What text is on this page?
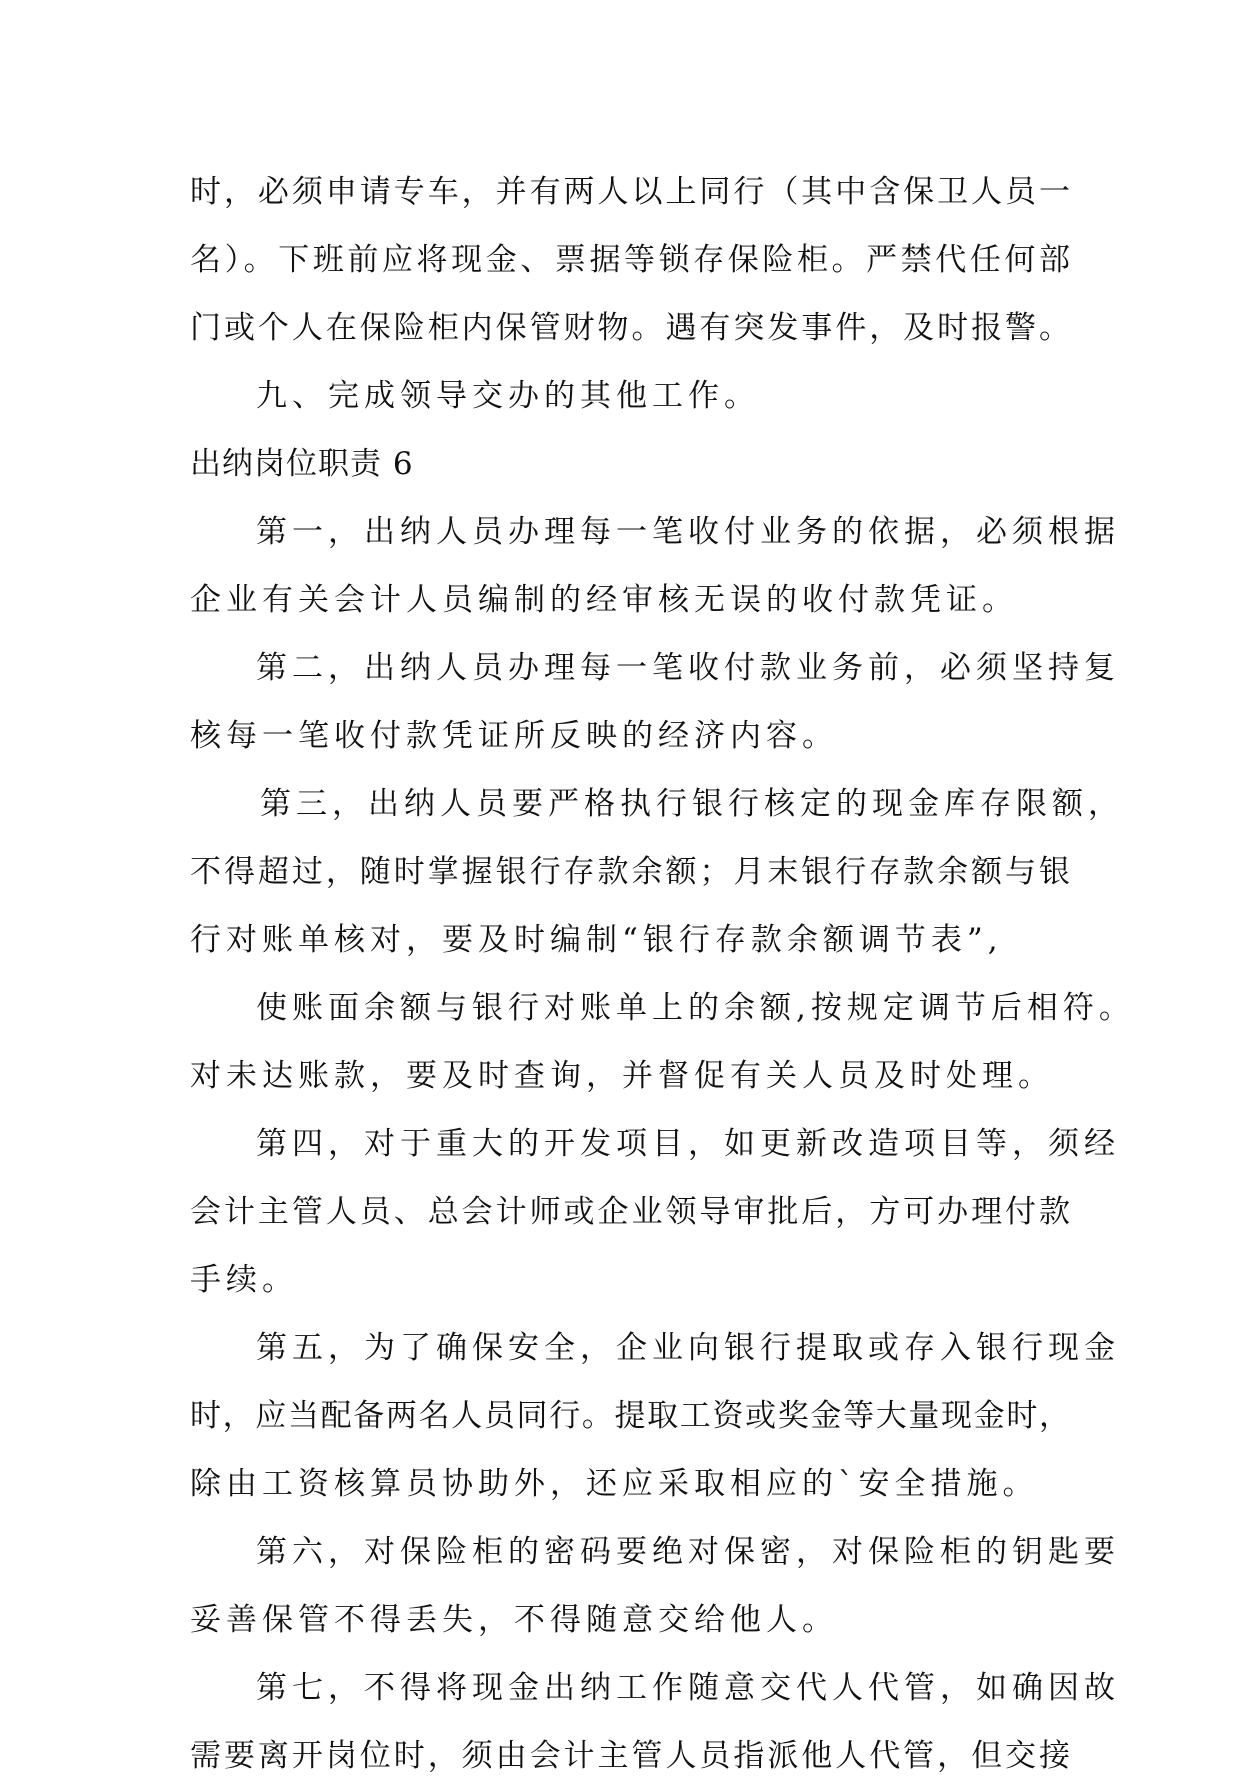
时，必须申请专车，并有两人以上同行（其中含保卫人员一
名）。下班前应将现金、票据等锁存保险柜。严禁代任何部
门或个人在保险柜内保管财物。遇有突发事件，及时报警。
九、完成领导交办的其他工作。
出纳岗位职责 6
第一，出纳人员办理每一笔收付业务的依据，必须根据
企业有关会计人员编制的经审核无误的收付款凭证。
第二，出纳人员办理每一笔收付款业务前，必须坚持复
核每一笔收付款凭证所反映的经济内容。
第三，出纳人员要严格执行银行核定的现金库存限额，
不得超过，随时掌握银行存款余额；月末银行存款余额与银
行对账单核对，要及时编制“银行存款余额调节表”,
使账面余额与银行对账单上的余额,按规定调节后相符。
对未达账款，要及时查询，并督促有关人员及时处理。
第四，对于重大的开发项目，如更新改造项目等，须经
会计主管人员、总会计师或企业领导审批后，方可办理付款
手续。
第五，为了确保安全，企业向银行提取或存入银行现金
时，应当配备两名人员同行。提取工资或奖金等大量现金时，
除由工资核算员协助外，还应采取相应的`安全措施。
第六，对保险柜的密码要绝对保密，对保险柜的钥匙要
妥善保管不得丢失，不得随意交给他人。
第七，不得将现金出纳工作随意交代人代管，如确因故
需要离开岗位时，须由会计主管人员指派他人代管，但交接
